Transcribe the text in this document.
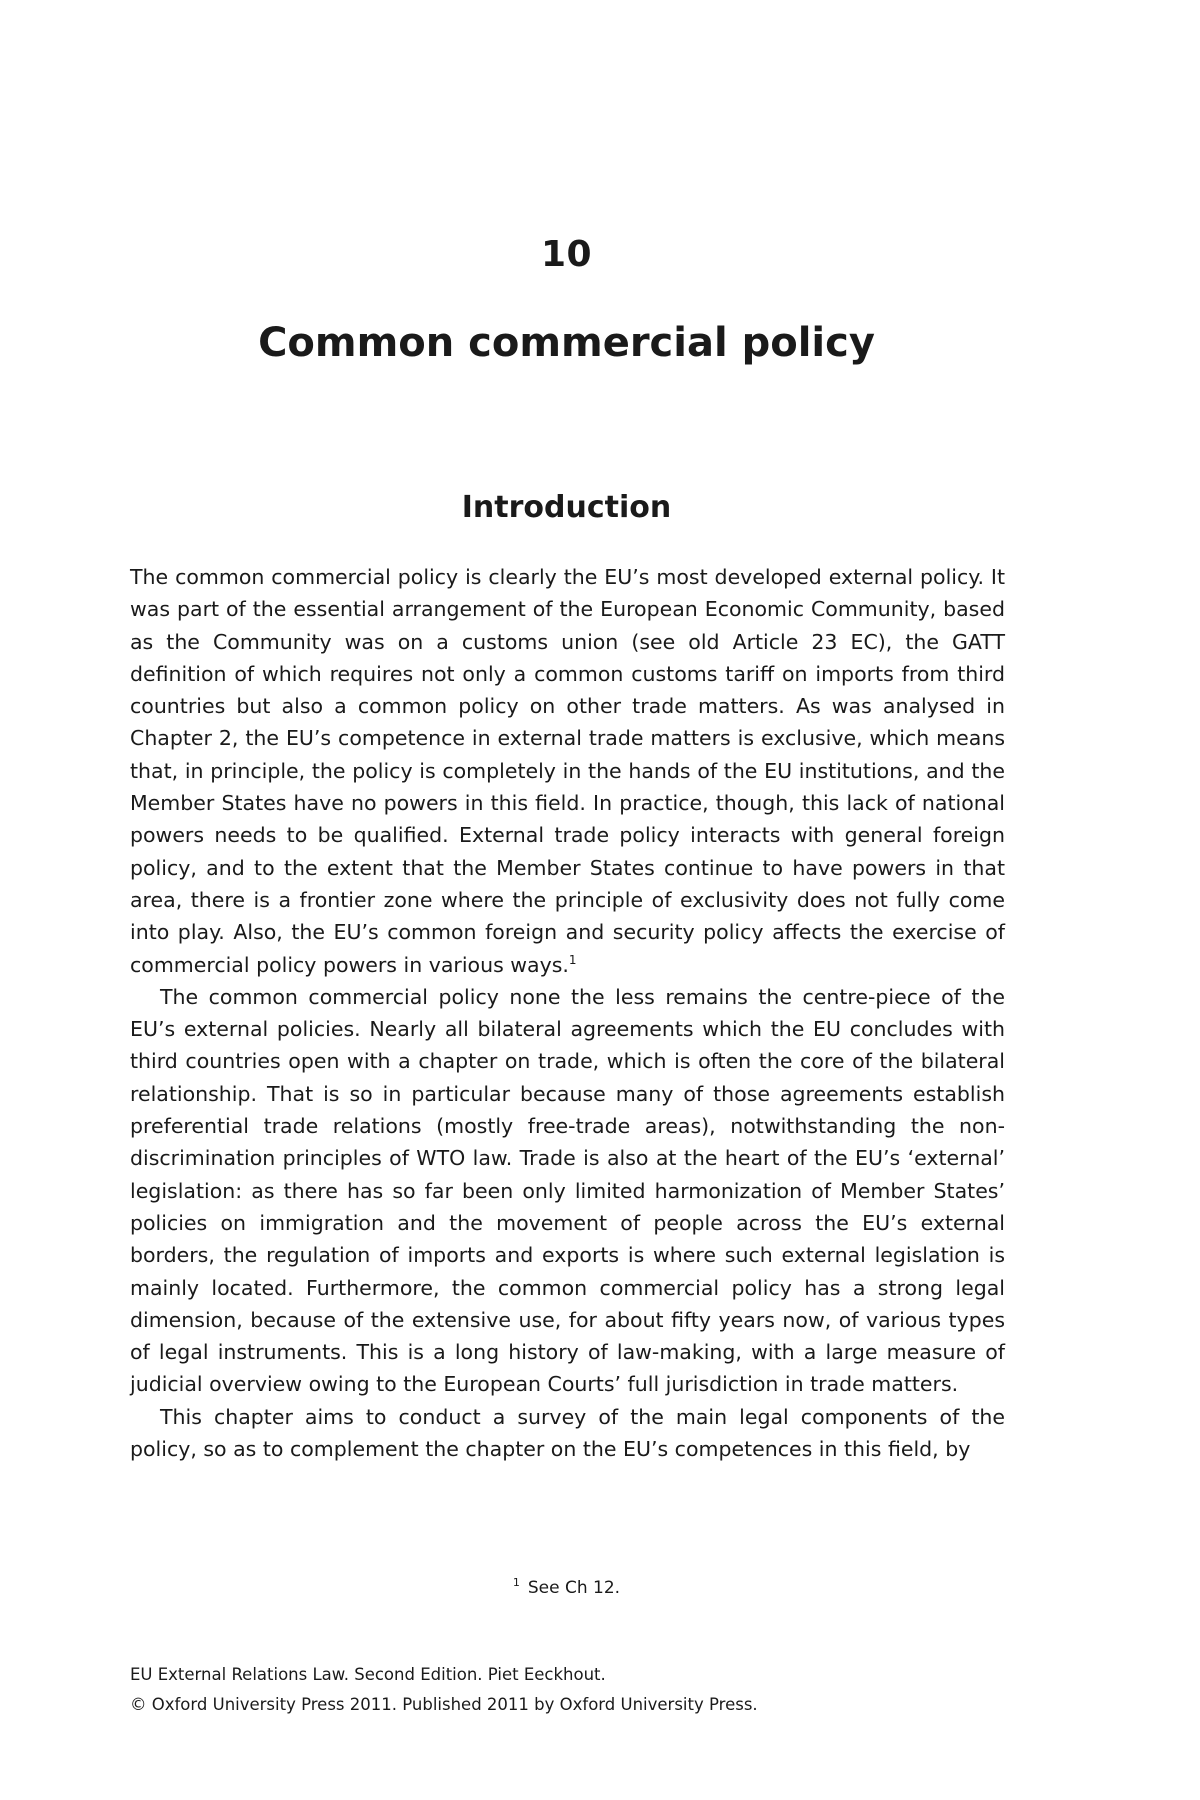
10
Common commercial policy
Introduction

The common commercial policy is clearly the EU’s most developed external policy. It was part of the essential arrangement of the European Economic Community, based as the Community was on a customs union (see old Article 23 EC), the GATT definition of which requires not only a common customs tariff on imports from third countries but also a common policy on other trade matters. As was analysed in Chapter 2, the EU’s competence in external trade matters is exclusive, which means that, in principle, the policy is completely in the hands of the EU institutions, and the Member States have no powers in this field. In practice, though, this lack of national powers needs to be qualified. External trade policy interacts with general foreign policy, and to the extent that the Member States continue to have powers in that area, there is a frontier zone where the principle of exclusivity does not fully come into play. Also, the EU’s common foreign and security policy affects the exercise of commercial policy powers in various ways.$^1$

The common commercial policy none the less remains the centre-piece of the EU’s external policies. Nearly all bilateral agreements which the EU concludes with third countries open with a chapter on trade, which is often the core of the bilateral relationship. That is so in particular because many of those agreements establish preferential trade relations (mostly free-trade areas), notwithstanding the non-discrimination principles of WTO law. Trade is also at the heart of the EU’s ‘external’ legislation: as there has so far been only limited harmonization of Member States’ policies on immigration and the movement of people across the EU’s external borders, the regulation of imports and exports is where such external legislation is mainly located. Furthermore, the common commercial policy has a strong legal dimension, because of the extensive use, for about fifty years now, of various types of legal instruments. This is a long history of law-making, with a large measure of judicial overview owing to the European Courts’ full jurisdiction in trade matters.

This chapter aims to conduct a survey of the main legal components of the policy, so as to complement the chapter on the EU’s competences in this field, by

$^1$ See Ch 12.
EU External Relations Law. Second Edition. Piet Eeckhout.
© Oxford University Press 2011. Published 2011 by Oxford University Press.
